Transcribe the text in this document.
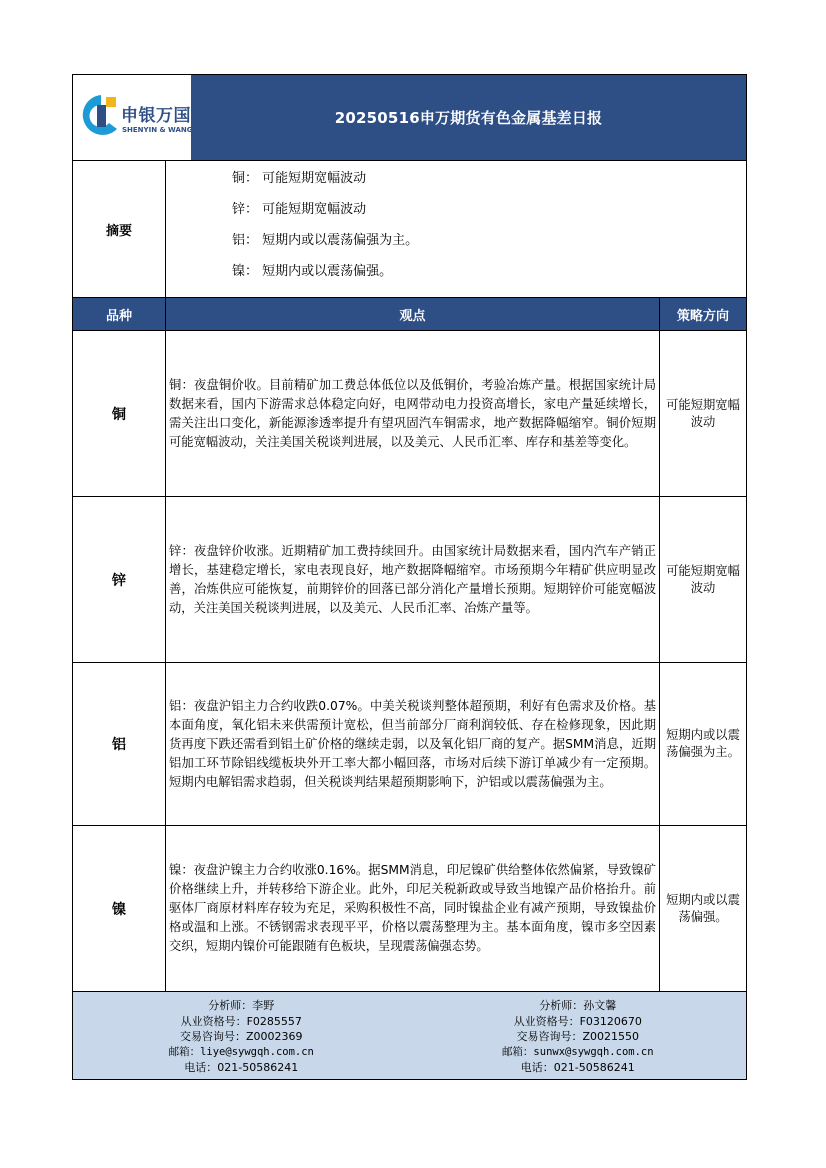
申银万国期货
SHENYIN & WANGUO FUTURES
20250516申万期货有色金属基差日报
摘要
铜： 可能短期宽幅波动
锌： 可能短期宽幅波动
铝： 短期内或以震荡偏强为主。
镍： 短期内或以震荡偏强。
品种	观点	策略方向
铜

铜：夜盘铜价收。目前精矿加工费总体低位以及低铜价，考验冶炼产量。根据国家统计局数据来看，国内下游需求总体稳定向好，电网带动电力投资高增长，家电产量延续增长，需关注出口变化，新能源渗透率提升有望巩固汽车铜需求，地产数据降幅缩窄。铜价短期可能宽幅波动，关注美国关税谈判进展，以及美元、人民币汇率、库存和基差等变化。

可能短期宽幅波动
锌

锌：夜盘锌价收涨。近期精矿加工费持续回升。由国家统计局数据来看，国内汽车产销正增长，基建稳定增长，家电表现良好，地产数据降幅缩窄。市场预期今年精矿供应明显改善，冶炼供应可能恢复，前期锌价的回落已部分消化产量增长预期。短期锌价可能宽幅波动，关注美国关税谈判进展，以及美元、人民币汇率、冶炼产量等。

可能短期宽幅波动
铝

铝：夜盘沪铝主力合约收跌0.07%。中美关税谈判整体超预期，利好有色需求及价格。基本面角度，氧化铝未来供需预计宽松，但当前部分厂商利润较低、存在检修现象，因此期货再度下跌还需看到铝土矿价格的继续走弱，以及氧化铝厂商的复产。据SMM消息，近期铝加工环节除铝线缆板块外开工率大都小幅回落，市场对后续下游订单减少有一定预期。短期内电解铝需求趋弱，但关税谈判结果超预期影响下，沪铝或以震荡偏强为主。

短期内或以震荡偏强为主。
镍

镍：夜盘沪镍主力合约收涨0.16%。据SMM消息，印尼镍矿供给整体依然偏紧，导致镍矿价格继续上升，并转移给下游企业。此外，印尼关税新政或导致当地镍产品价格抬升。前驱体厂商原材料库存较为充足，采购积极性不高，同时镍盐企业有减产预期，导致镍盐价格或温和上涨。不锈钢需求表现平平，价格以震荡整理为主。基本面角度，镍市多空因素交织，短期内镍价可能跟随有色板块，呈现震荡偏强态势。

短期内或以震荡偏强。
分析师：李野
从业资格号：F0285557
交易咨询号：Z0002369
邮箱：liye@sywgqh.com.cn
电话：021-50586241
分析师：孙文馨
从业资格号：F03120670
交易咨询号：Z0021550
邮箱：sunwx@sywgqh.com.cn
电话：021-50586241
